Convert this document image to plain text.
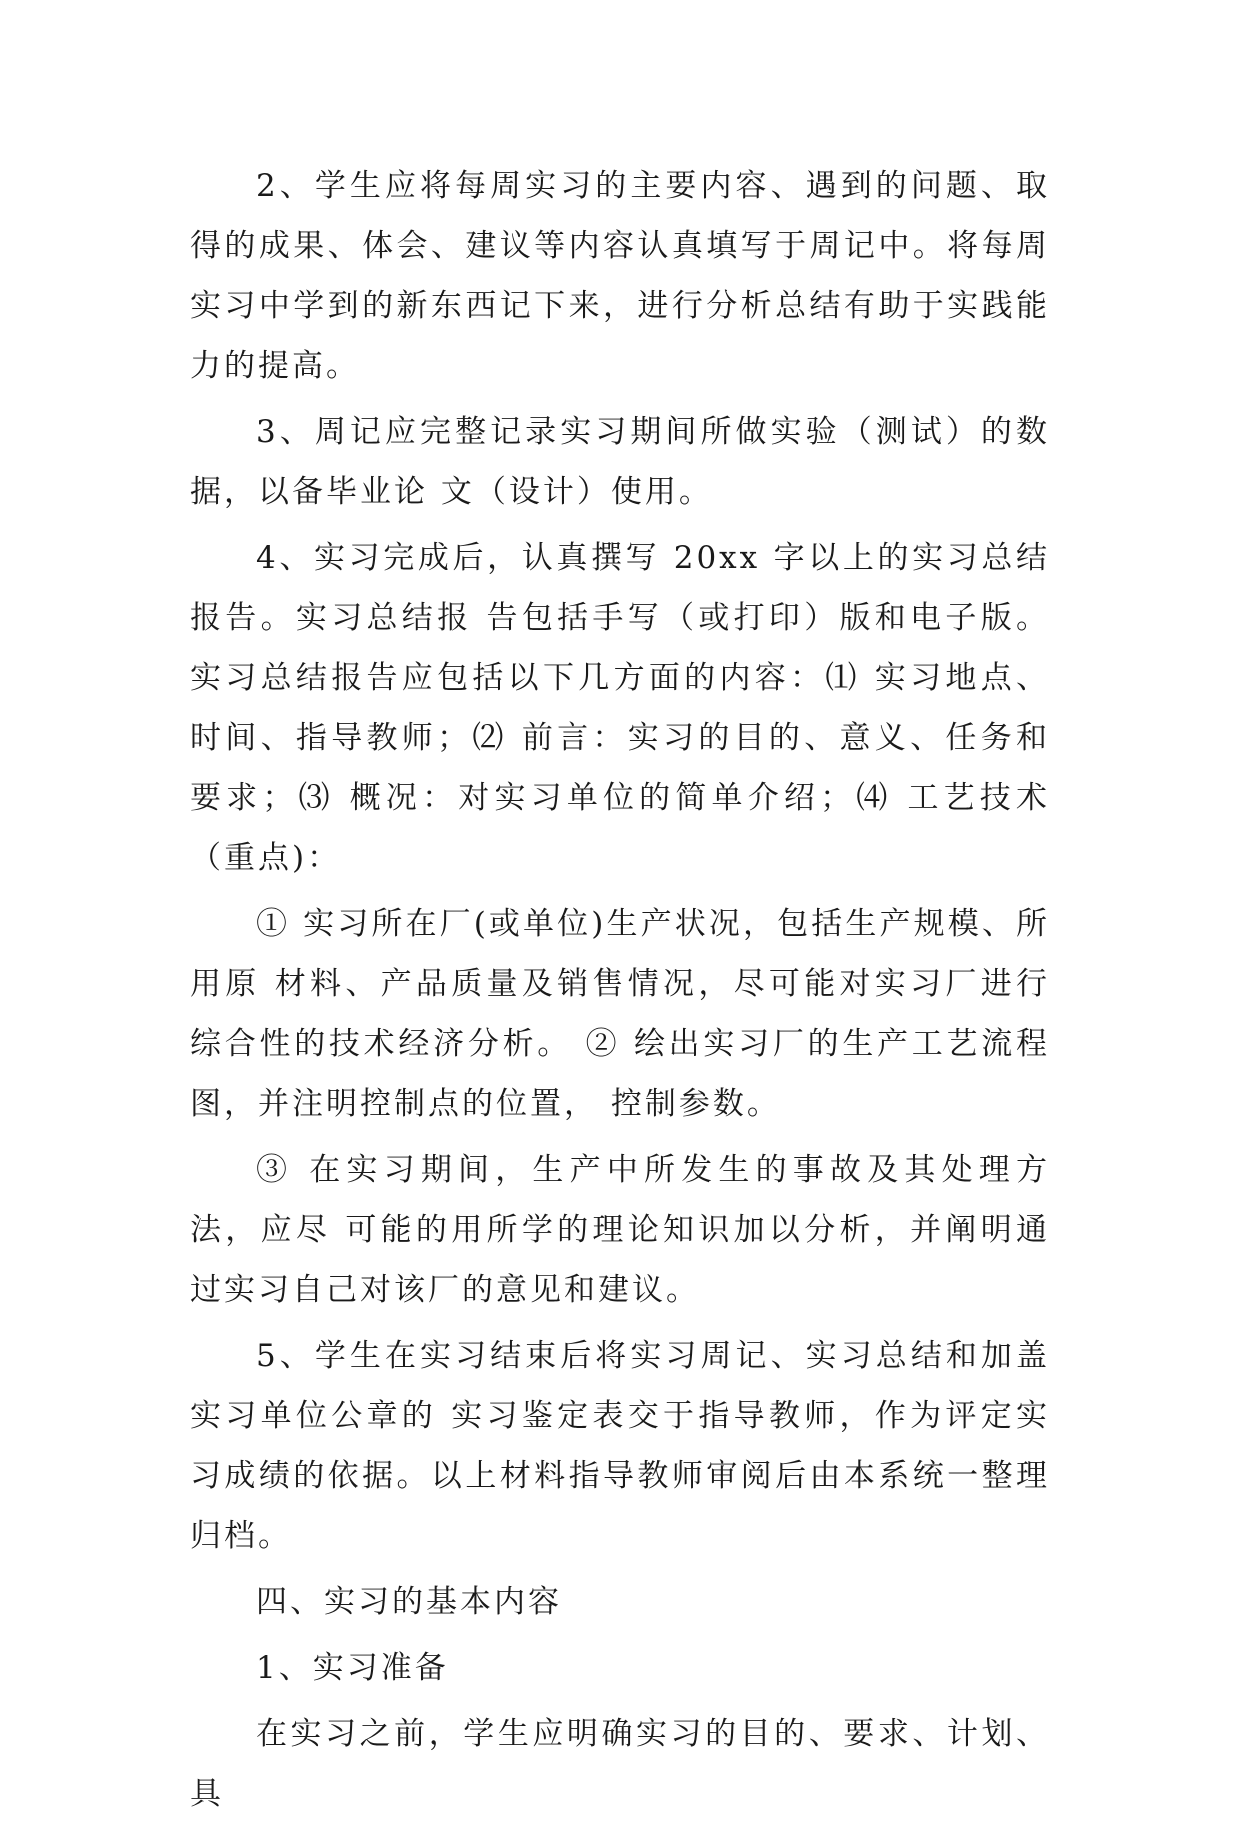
2、学生应将每周实习的主要内容、遇到的问题、取得的成果、体会、建议等内容认真填写于周记中。将每周实习中学到的新东西记下来，进行分析总结有助于实践能力的提高。

3、周记应完整记录实习期间所做实验（测试）的数据，以备毕业论 文（设计）使用。

4、实习完成后，认真撰写 20xx 字以上的实习总结报告。实习总结报 告包括手写（或打印）版和电子版。实习总结报告应包括以下几方面的内容：⑴ 实习地点、时间、指导教师；⑵ 前言：实习的目的、意义、任务和要求；⑶ 概况：对实习单位的简单介绍；⑷ 工艺技术（重点)：

① 实习所在厂(或单位)生产状况，包括生产规模、所用原 材料、产品质量及销售情况，尽可能对实习厂进行综合性的技术经济分析。 ② 绘出实习厂的生产工艺流程图，并注明控制点的位置， 控制参数。

③ 在实习期间，生产中所发生的事故及其处理方法，应尽 可能的用所学的理论知识加以分析，并阐明通过实习自己对该厂的意见和建议。

5、学生在实习结束后将实习周记、实习总结和加盖实习单位公章的 实习鉴定表交于指导教师，作为评定实习成绩的依据。以上材料指导教师审阅后由本系统一整理归档。

四、实习的基本内容

1、实习准备

在实习之前，学生应明确实习的目的、要求、计划、具
